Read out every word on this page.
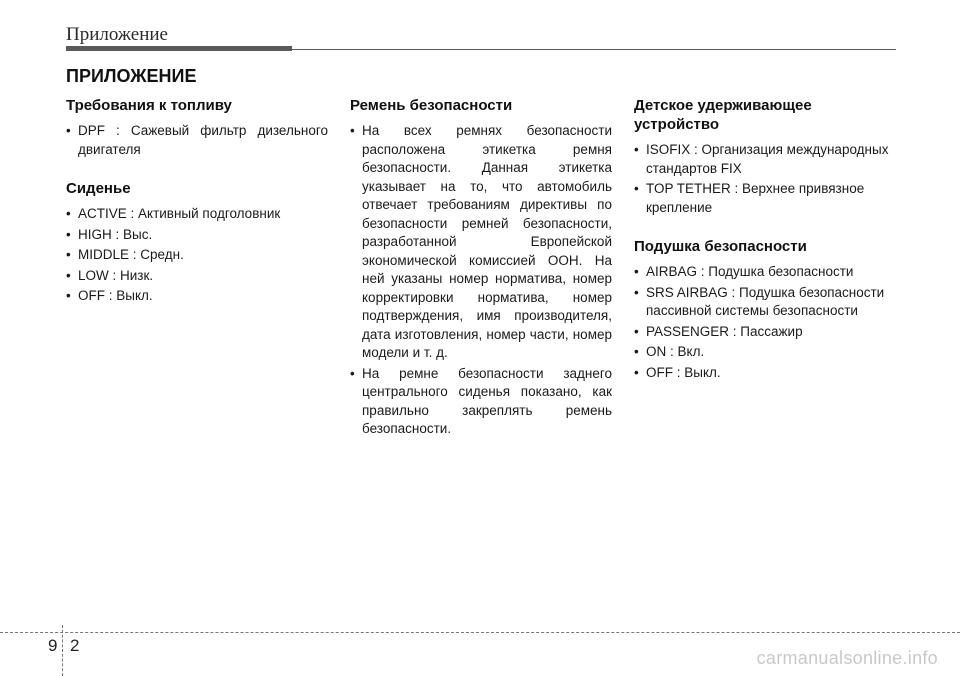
Приложение
ПРИЛОЖЕНИЕ
Требования к топливу
• DPF : Сажевый фильтр дизельного двигателя
Сиденье
• ACTIVE : Активный подголовник
• HIGH : Выс.
• MIDDLE : Средн.
• LOW : Низк.
• OFF : Выкл.
Ремень безопасности
• На всех ремнях безопасности расположена этикетка ремня безопасности. Данная этикетка указывает на то, что автомобиль отвечает требованиям директивы по безопасности ремней безопасности, разработанной Европейской экономической комиссией ООН. На ней указаны номер норматива, номер корректировки норматива, номер подтверждения, имя производителя, дата изготовления, номер части, номер модели и т. д.
• На ремне безопасности заднего центрального сиденья показано, как правильно закреплять ремень безопасности.
Детское удерживающее устройство
• ISOFIX : Организация международных стандартов FIX
• TOP TETHER : Верхнее привязное крепление
Подушка безопасности
• AIRBAG : Подушка безопасности
• SRS AIRBAG : Подушка безопасности пассивной системы безопасности
• PASSENGER : Пассажир
• ON : Вкл.
• OFF : Выкл.
9 2
carmanualsonline.info
